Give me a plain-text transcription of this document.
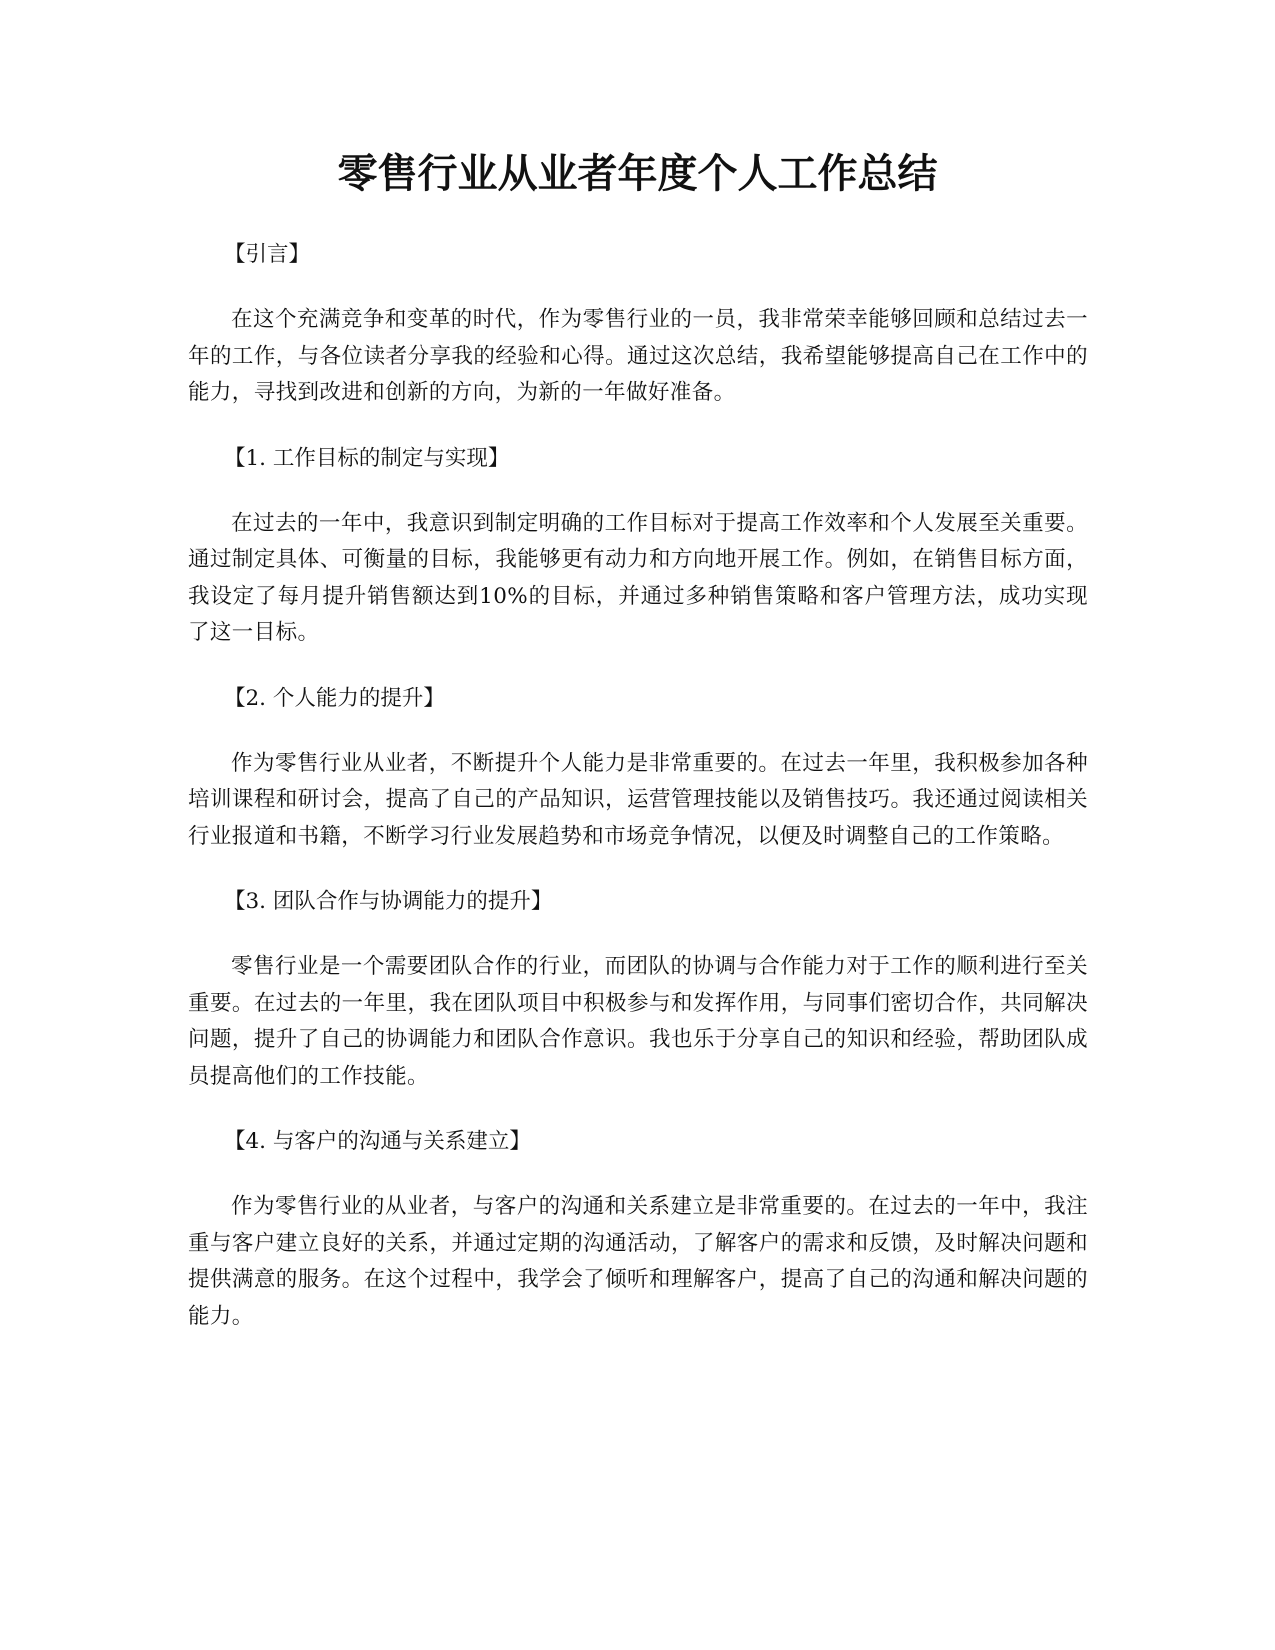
零售行业从业者年度个人工作总结

【引言】

在这个充满竞争和变革的时代，作为零售行业的一员，我非常荣幸能够回顾和总结过去一年的工作，与各位读者分享我的经验和心得。通过这次总结，我希望能够提高自己在工作中的能力，寻找到改进和创新的方向，为新的一年做好准备。

【1. 工作目标的制定与实现】

在过去的一年中，我意识到制定明确的工作目标对于提高工作效率和个人发展至关重要。通过制定具体、可衡量的目标，我能够更有动力和方向地开展工作。例如，在销售目标方面，我设定了每月提升销售额达到10%的目标，并通过多种销售策略和客户管理方法，成功实现了这一目标。

【2. 个人能力的提升】

作为零售行业从业者，不断提升个人能力是非常重要的。在过去一年里，我积极参加各种培训课程和研讨会，提高了自己的产品知识，运营管理技能以及销售技巧。我还通过阅读相关行业报道和书籍，不断学习行业发展趋势和市场竞争情况，以便及时调整自己的工作策略。

【3. 团队合作与协调能力的提升】

零售行业是一个需要团队合作的行业，而团队的协调与合作能力对于工作的顺利进行至关重要。在过去的一年里，我在团队项目中积极参与和发挥作用，与同事们密切合作，共同解决问题，提升了自己的协调能力和团队合作意识。我也乐于分享自己的知识和经验，帮助团队成员提高他们的工作技能。

【4. 与客户的沟通与关系建立】

作为零售行业的从业者，与客户的沟通和关系建立是非常重要的。在过去的一年中，我注重与客户建立良好的关系，并通过定期的沟通活动，了解客户的需求和反馈，及时解决问题和提供满意的服务。在这个过程中，我学会了倾听和理解客户，提高了自己的沟通和解决问题的能力。
